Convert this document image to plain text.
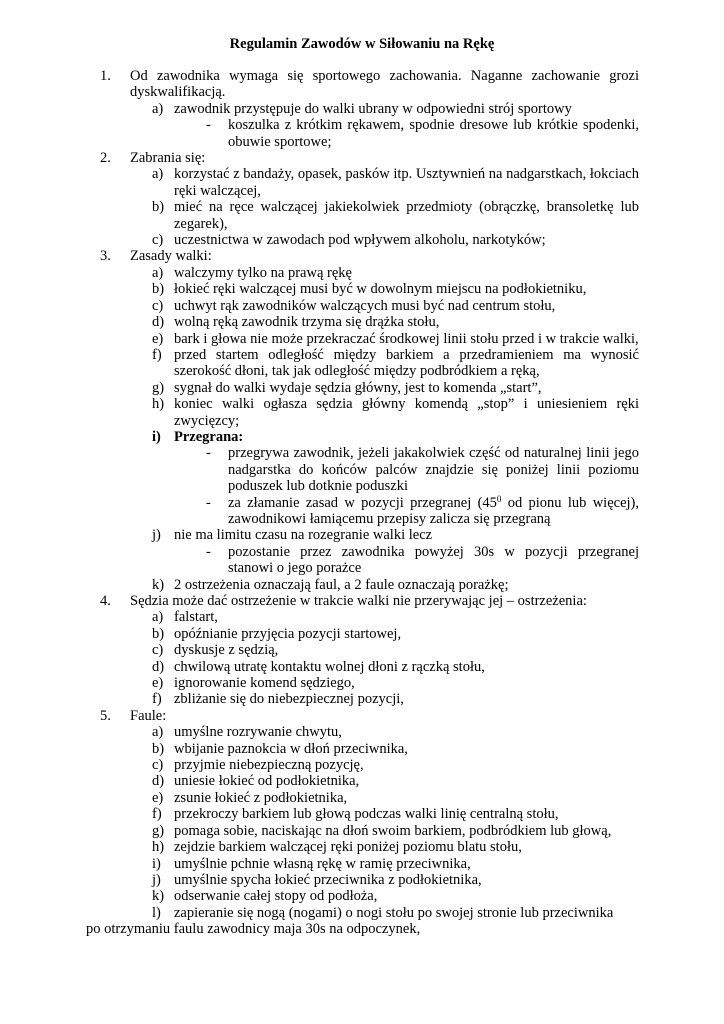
Regulamin Zawodów w Siłowaniu na Rękę
1.	Od zawodnika wymaga się sportowego zachowania. Naganne zachowanie grozi dyskwalifikacją.
a) zawodnik przystępuje do walki ubrany w odpowiedni strój sportowy
- koszulka z krótkim rękawem, spodnie dresowe lub krótkie spodenki, obuwie sportowe;
2.	Zabrania się:
a) korzystać z bandaży, opasek, pasków itp. Usztywnień na nadgarstkach, łokciach ręki walczącej,
b) mieć na ręce walczącej jakiekolwiek przedmioty (obrączkę, bransoletkę lub zegarek),
c) uczestnictwa w zawodach pod wpływem alkoholu, narkotyków;
3.	Zasady walki:
a) walczymy tylko na prawą rękę
b) łokieć ręki walczącej musi być w dowolnym miejscu na podłokietniku,
c) uchwyt rąk zawodników walczących musi być nad centrum stołu,
d) wolną ręką zawodnik trzyma się drążka stołu,
e) bark i głowa nie może przekraczać środkowej linii stołu przed i w trakcie walki,
f) przed startem odległość między barkiem a przedramieniem ma wynosić szerokość dłoni, tak jak odległość między podbródkiem a ręką,
g) sygnał do walki wydaje sędzia główny, jest to komenda „start”,
h) koniec walki ogłasza sędzia główny komendą „stop” i uniesieniem ręki zwycięzcy;
i) Przegrana:
- przegrywa zawodnik, jeżeli jakakolwiek część od naturalnej linii jego nadgarstka do końców palców znajdzie się poniżej linii poziomu poduszek lub dotknie poduszki
- za złamanie zasad w pozycji przegranej ($45^0$ od pionu lub więcej), zawodnikowi łamiącemu przepisy zalicza się przegraną
j) nie ma limitu czasu na rozegranie walki lecz
- pozostanie przez zawodnika powyżej 30s w pozycji przegranej stanowi o jego porażce
k) 2 ostrzeżenia oznaczają faul, a 2 faule oznaczają porażkę;
4.	Sędzia może dać ostrzeżenie w trakcie walki nie przerywając jej – ostrzeżenia:
a) falstart,
b) opóźnianie przyjęcia pozycji startowej,
c) dyskusje z sędzią,
d) chwilową utratę kontaktu wolnej dłoni z rączką stołu,
e) ignorowanie komend sędziego,
f) zbliżanie się do niebezpiecznej pozycji,
5.	Faule:
a) umyślne rozrywanie chwytu,
b) wbijanie paznokcia w dłoń przeciwnika,
c) przyjmie niebezpieczną pozycję,
d) uniesie łokieć od podłokietnika,
e) zsunie łokieć z podłokietnika,
f) przekroczy barkiem lub głową podczas walki linię centralną stołu,
g) pomaga sobie, naciskając na dłoń swoim barkiem, podbródkiem lub głową,
h) zejdzie barkiem walczącej ręki poniżej poziomu blatu stołu,
i) umyślnie pchnie własną rękę w ramię przeciwnika,
j) umyślnie spycha łokieć przeciwnika z podłokietnika,
k) odserwanie całej stopy od podłoża,
l) zapieranie się nogą (nogami) o nogi stołu po swojej stronie lub przeciwnika
po otrzymaniu faulu zawodnicy maja 30s na odpoczynek,
